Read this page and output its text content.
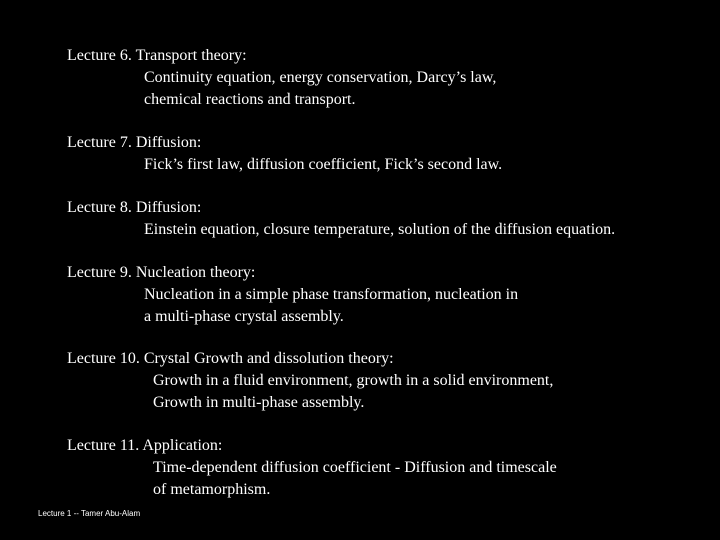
Lecture 6. Transport theory:
Continuity equation, energy conservation, Darcy’s law,
chemical reactions and transport.
Lecture 7. Diffusion:
Fick’s first law, diffusion coefficient, Fick’s second law.
Lecture 8. Diffusion:
Einstein equation, closure temperature, solution of the diffusion equation.
Lecture 9. Nucleation theory:
Nucleation in a simple phase transformation, nucleation in
a multi-phase crystal assembly.
Lecture 10. Crystal Growth and dissolution theory:
Growth in a fluid environment, growth in a solid environment,
Growth in multi-phase assembly.
Lecture 11. Application:
Time-dependent diffusion coefficient - Diffusion and timescale
of metamorphism.
Lecture 1 -- Tamer Abu-Alam
